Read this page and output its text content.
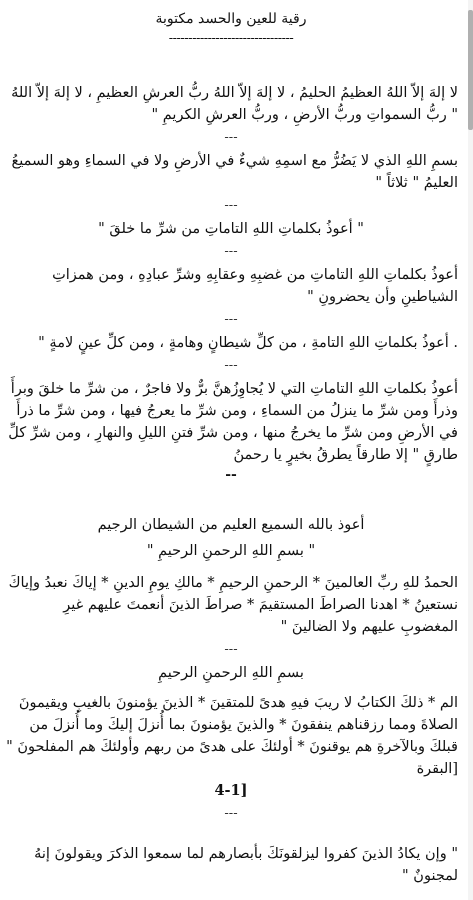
رقية للعين والحسد مكتوبة
--------------------------------

لا إلهَ إلاّ اللهُ العظيمُ الحليمُ ، لا إلهَ إلاّ اللهُ ربُّ العرشِ العظيمِ ، لا إلهَ إلاّ اللهُ " ربُّ السمواتِ وربُّ الأرضِ ، وربُّ العرشِ الكريمِ "

---

بسمِ اللهِ الذي لا يَضُرُّ مع اسمِهِ شيءٌ في الأرضِ ولا في السماءِ وهو السميعُ العليمُ " ثلاثاً "

---

" أعوذُ بكلماتِ اللهِ التاماتِ من شرِّ ما خلقَ "

---

أعوذُ بكلماتِ اللهِ التاماتِ من غضبِهِ وعقابِهِ وشرِّ عبادِهِ ، ومن همزاتِ الشياطينِ وأن يحضرونِ "

---

. أعوذُ بكلماتِ اللهِ التامةِ ، من كلِّ شيطانٍ وهامةٍ ، ومن كلِّ عينٍ لامةٍ "

---

أعوذُ بكلماتِ اللهِ التاماتِ التي لا يُجاوِزُهنَّ برٌّ ولا فاجرٌ ، من شرِّ ما خلقَ وبرأَ وذرأَ ومن شرِّ ما ينزلُ من السماءِ ، ومن شرِّ ما يعرجُ فيها ، ومن شرِّ ما ذرأَ في الأرضِ ومن شرِّ ما يخرجُ منها ، ومن شرِّ فتنِ الليلِ والنهارِ ، ومن شرِّ كلِّ طارقٍ " إلا طارقاً يطرقُ بخيرٍ يا رحمنُ

--

أعوذ بالله السميع العليم من الشيطان الرجيم

" بسمِ اللهِ الرحمنِ الرحيمِ "

الحمدُ للهِ ربِّ العالمينَ * الرحمنِ الرحيمِ * مالكِ يومِ الدينِ * إياكَ نعبدُ وإياكَ نستعينُ * اهدنا الصراطَ المستقيمَ * صراطَ الذينَ أنعمتَ عليهم غيرِ المغضوبِ عليهم ولا الضالينَ "

---

بسمِ اللهِ الرحمنِ الرحيمِ

الم * ذلكَ الكتابُ لا ريبَ فيهِ هدىً للمتقينَ * الذينَ يؤمنونَ بالغيبِ ويقيمونَ الصلاةَ ومما رزقناهم ينفقونَ * والذينَ يؤمنونَ بما أُنزلَ إليكَ وما أُنزلَ من قبلكَ وبالآخرةِ هم يوقنونَ * أولئكَ على هدىً من ربهم وأولئكَ هم المفلحونَ "[البقرة

[4-1

---

" وإن يكادُ الذينَ كفروا ليزلقونَكَ بأبصارهم لما سمعوا الذكرَ ويقولونَ إنهُ لمجنونٌ "
